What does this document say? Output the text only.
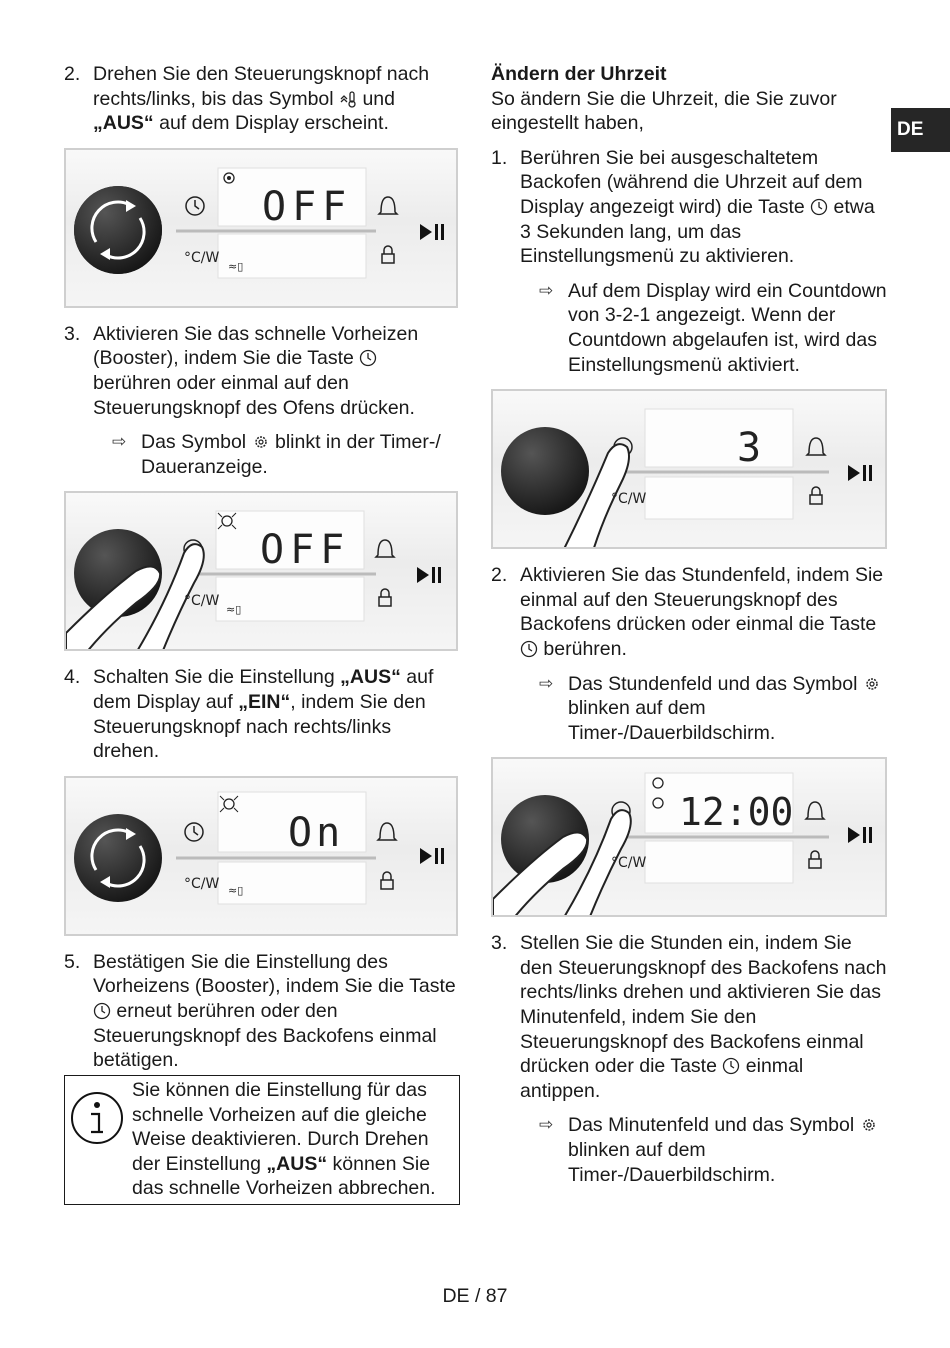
DE
2. Drehen Sie den Steuerungsknopf nach rechts/links, bis das Symbol und „AUS“ auf dem Display erscheint.
°C/W
≈▯
OFF
3. Aktivieren Sie das schnelle Vorheizen (Booster), indem Sie die Taste  berühren oder einmal auf den Steuerungsknopf des Ofens drücken.
⇨ Das Symbol blinkt in der Timer-/ Daueranzeige.
°C/W
≈▯
OFF
4. Schalten Sie die Einstellung „AUS“ auf dem Display auf „EIN“, indem Sie den Steuerungsknopf nach rechts/links drehen.
°C/W ≈▯
On
5. Bestätigen Sie die Einstellung des Vorheizens (Booster), indem Sie die Taste  erneut berühren oder den Steuerungsknopf des Backofens einmal betätigen.
Sie können die Einstellung für das schnelle Vorheizen auf die gleiche Weise deaktivieren. Durch Drehen der Einstellung „AUS“ können Sie das schnelle Vorheizen abbrechen.
Ändern der Uhrzeit
So ändern Sie die Uhrzeit, die Sie zuvor eingestellt haben,
1. Berühren Sie bei ausgeschaltetem Backofen (während die Uhrzeit auf dem Display angezeigt wird) die Taste etwa 3 Sekunden lang, um das Einstellungsmenü zu aktivieren.
⇨ Auf dem Display wird ein Countdown von 3-2-1 angezeigt. Wenn der Countdown abgelaufen ist, wird das Einstellungsmenü aktiviert.
°C/W
3
2. Aktivieren Sie das Stundenfeld, indem Sie einmal auf den Steuerungsknopf des Backofens drücken oder einmal die Taste  berühren.
⇨ Das Stundenfeld und das Symbol  blinken auf dem Timer-/Dauerbildschirm.
°C/W
12:00
3. Stellen Sie die Stunden ein, indem Sie den Steuerungsknopf des Backofens nach rechts/links drehen und aktivieren Sie das Minutenfeld, indem Sie den Steuerungsknopf des Backofens einmal drücken oder die Taste einmal antippen.
⇨ Das Minutenfeld und das Symbol  blinken auf dem Timer-/Dauerbildschirm.
DE / 87
